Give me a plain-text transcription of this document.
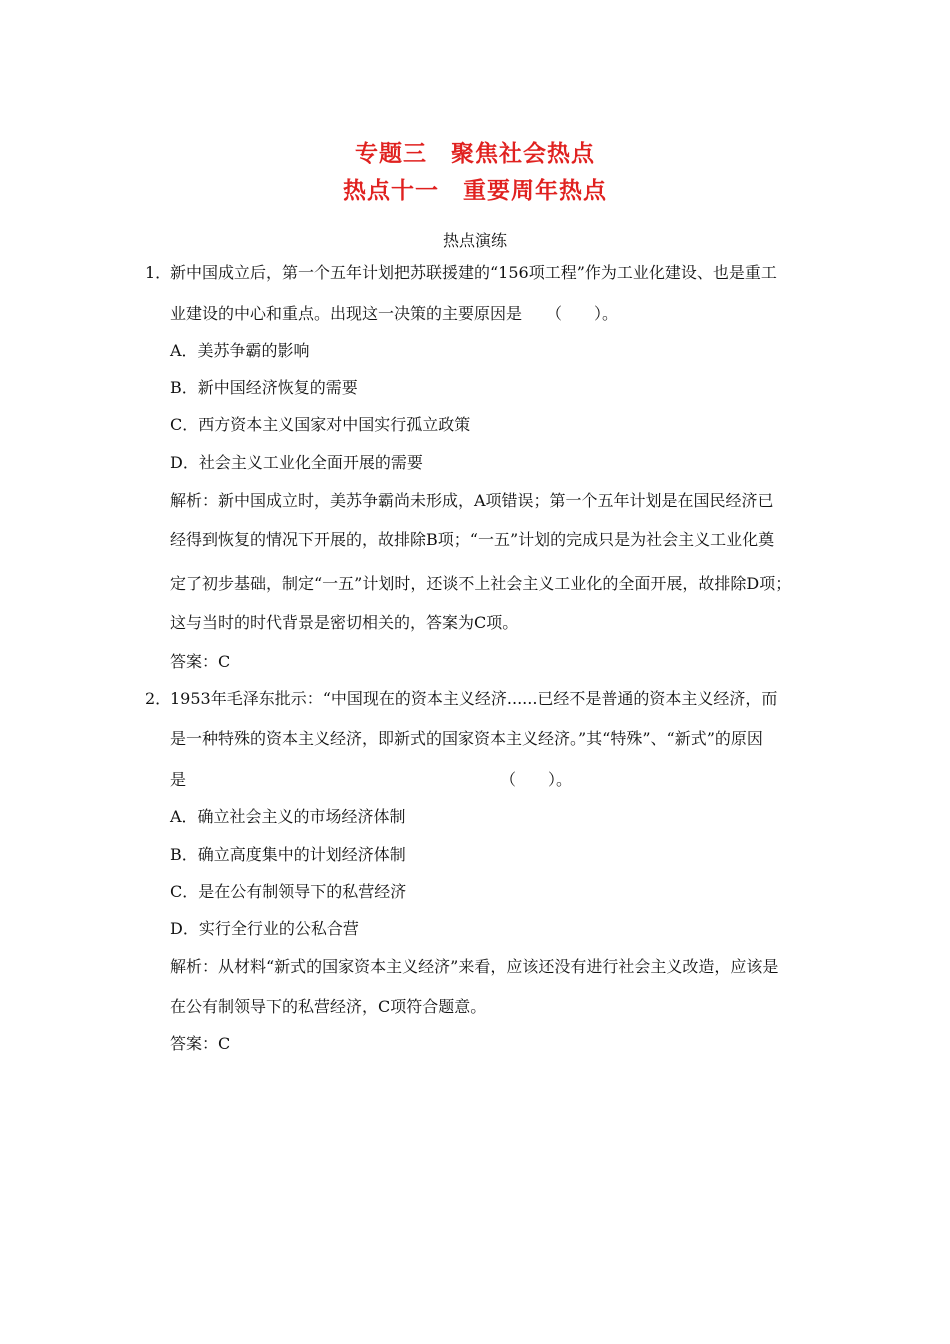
专题三　聚焦社会热点
热点十一　重要周年热点
热点演练
1．
新中国成立后，第一个五年计划把苏联援建的“156项工程”作为工业化建设、也是重工
业建设的中心和重点。出现这一决策的主要原因是　　（　　）。
A．美苏争霸的影响
B．新中国经济恢复的需要
C．西方资本主义国家对中国实行孤立政策
D．社会主义工业化全面开展的需要
解析：新中国成立时，美苏争霸尚未形成，A项错误；第一个五年计划是在国民经济已
经得到恢复的情况下开展的，故排除B项；“一五”计划的完成只是为社会主义工业化奠
定了初步基础，制定“一五”计划时，还谈不上社会主义工业化的全面开展，故排除D项；
这与当时的时代背景是密切相关的，答案为C项。
答案：C
2．
1953年毛泽东批示：“中国现在的资本主义经济......已经不是普通的资本主义经济，而
是一种特殊的资本主义经济，即新式的国家资本主义经济。”其“特殊”、“新式”的原因
是	（　　）。
A．确立社会主义的市场经济体制
B．确立高度集中的计划经济体制
C．是在公有制领导下的私营经济
D．实行全行业的公私合营
解析：从材料“新式的国家资本主义经济”来看，应该还没有进行社会主义改造，应该是
在公有制领导下的私营经济，C项符合题意。
答案：C
